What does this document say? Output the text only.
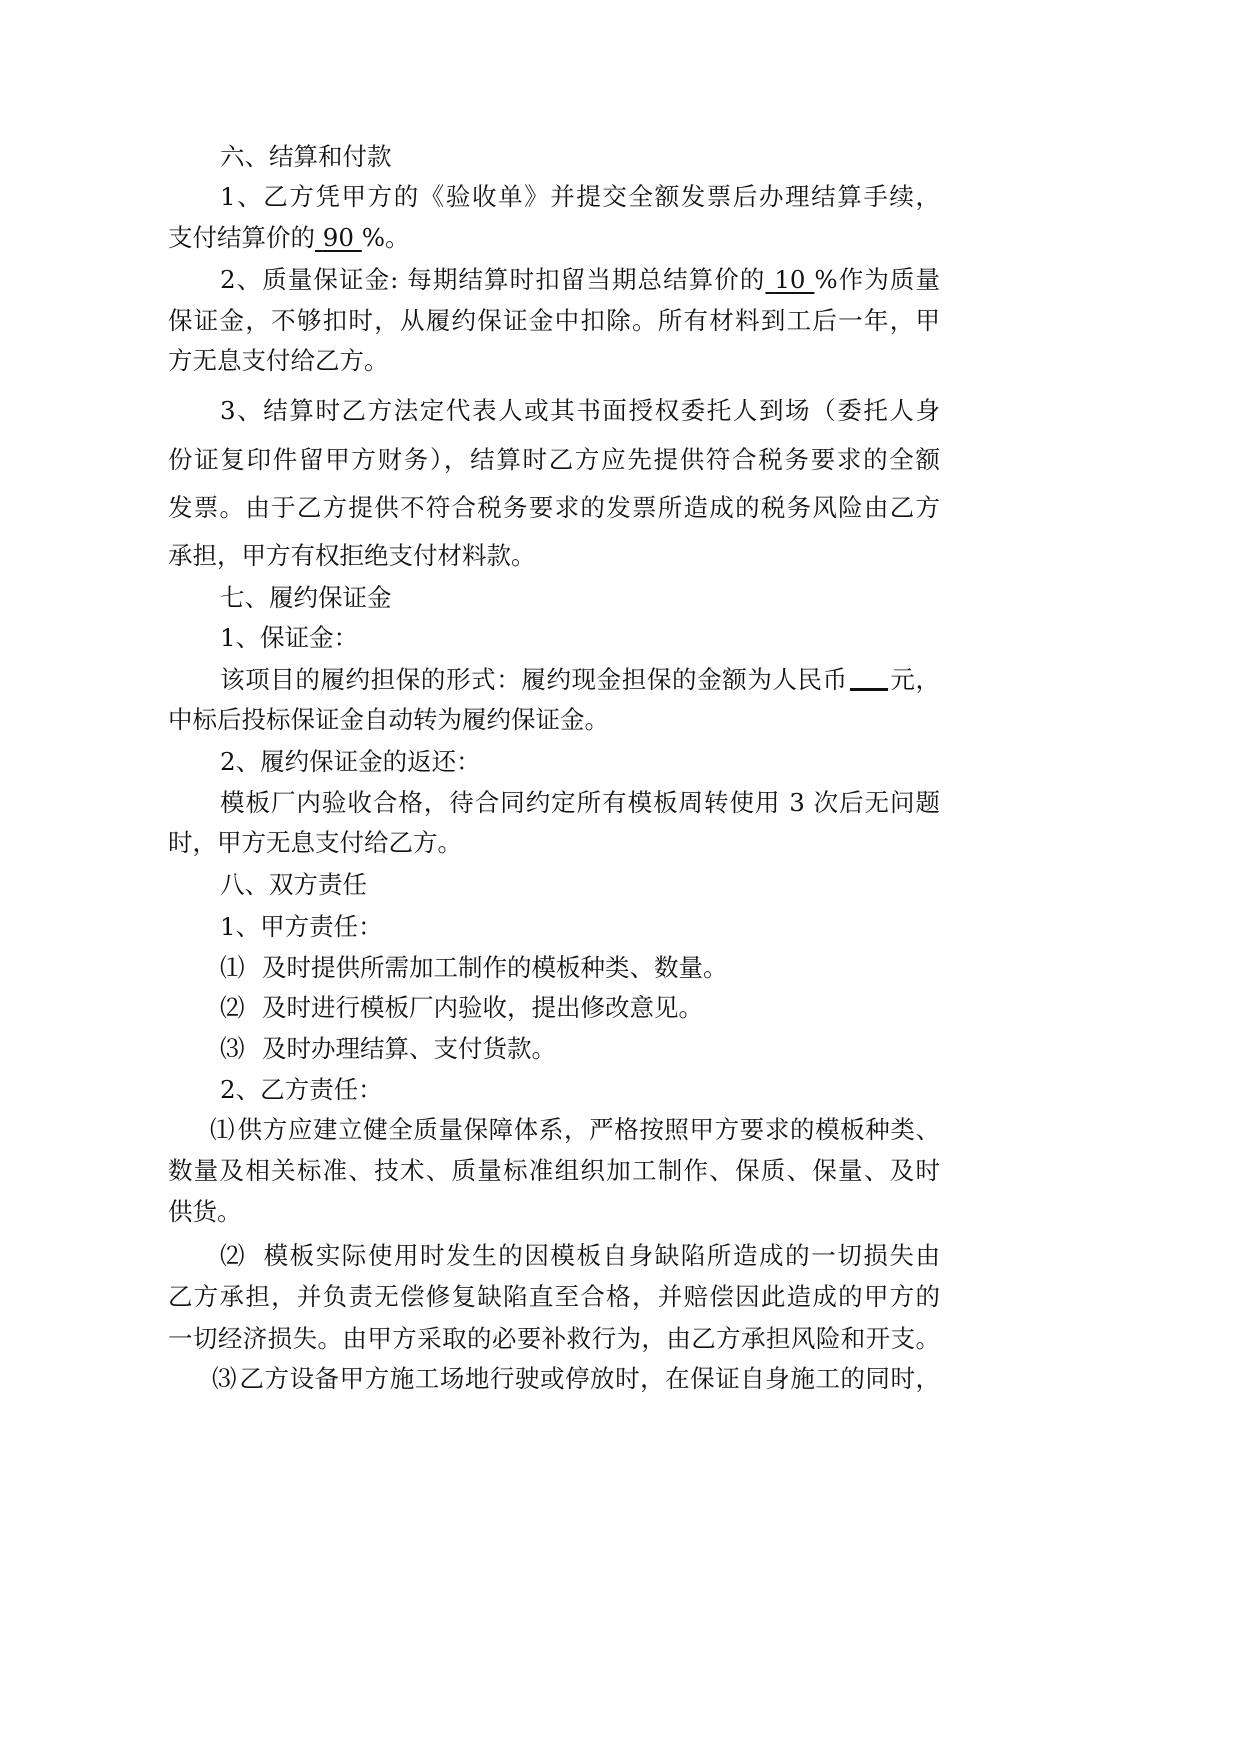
六、结算和付款
1、乙方凭甲方的《验收单》并提交全额发票后办理结算手续，
支付结算价的 90 %。
2、质量保证金: 每期结算时扣留当期总结算价的 10 %作为质量
保证金，不够扣时，从履约保证金中扣除。所有材料到工后一年，甲
方无息支付给乙方。
3、结算时乙方法定代表人或其书面授权委托人到场（委托人身
份证复印件留甲方财务），结算时乙方应先提供符合税务要求的全额
发票。由于乙方提供不符合税务要求的发票所造成的税务风险由乙方
承担，甲方有权拒绝支付材料款。
七、履约保证金
1、保证金：
该项目的履约担保的形式：履约现金担保的金额为人民币 元，
中标后投标保证金自动转为履约保证金。
2、履约保证金的返还：
模板厂内验收合格，待合同约定所有模板周转使用 3 次后无问题
时，甲方无息支付给乙方。
八、双方责任
1、甲方责任：
⑴ 及时提供所需加工制作的模板种类、数量。
⑵ 及时进行模板厂内验收，提出修改意见。
⑶ 及时办理结算、支付货款。
2、乙方责任：
⑴ 供方应建立健全质量保障体系，严格按照甲方要求的模板种类、
数量及相关标准、技术、质量标准组织加工制作、保质、保量、及时
供货。
⑵ 模板实际使用时发生的因模板自身缺陷所造成的一切损失由
乙方承担，并负责无偿修复缺陷直至合格，并赔偿因此造成的甲方的
一切经济损失。由甲方采取的必要补救行为，由乙方承担风险和开支。
⑶ 乙方设备甲方施工场地行驶或停放时，在保证自身施工的同时，
